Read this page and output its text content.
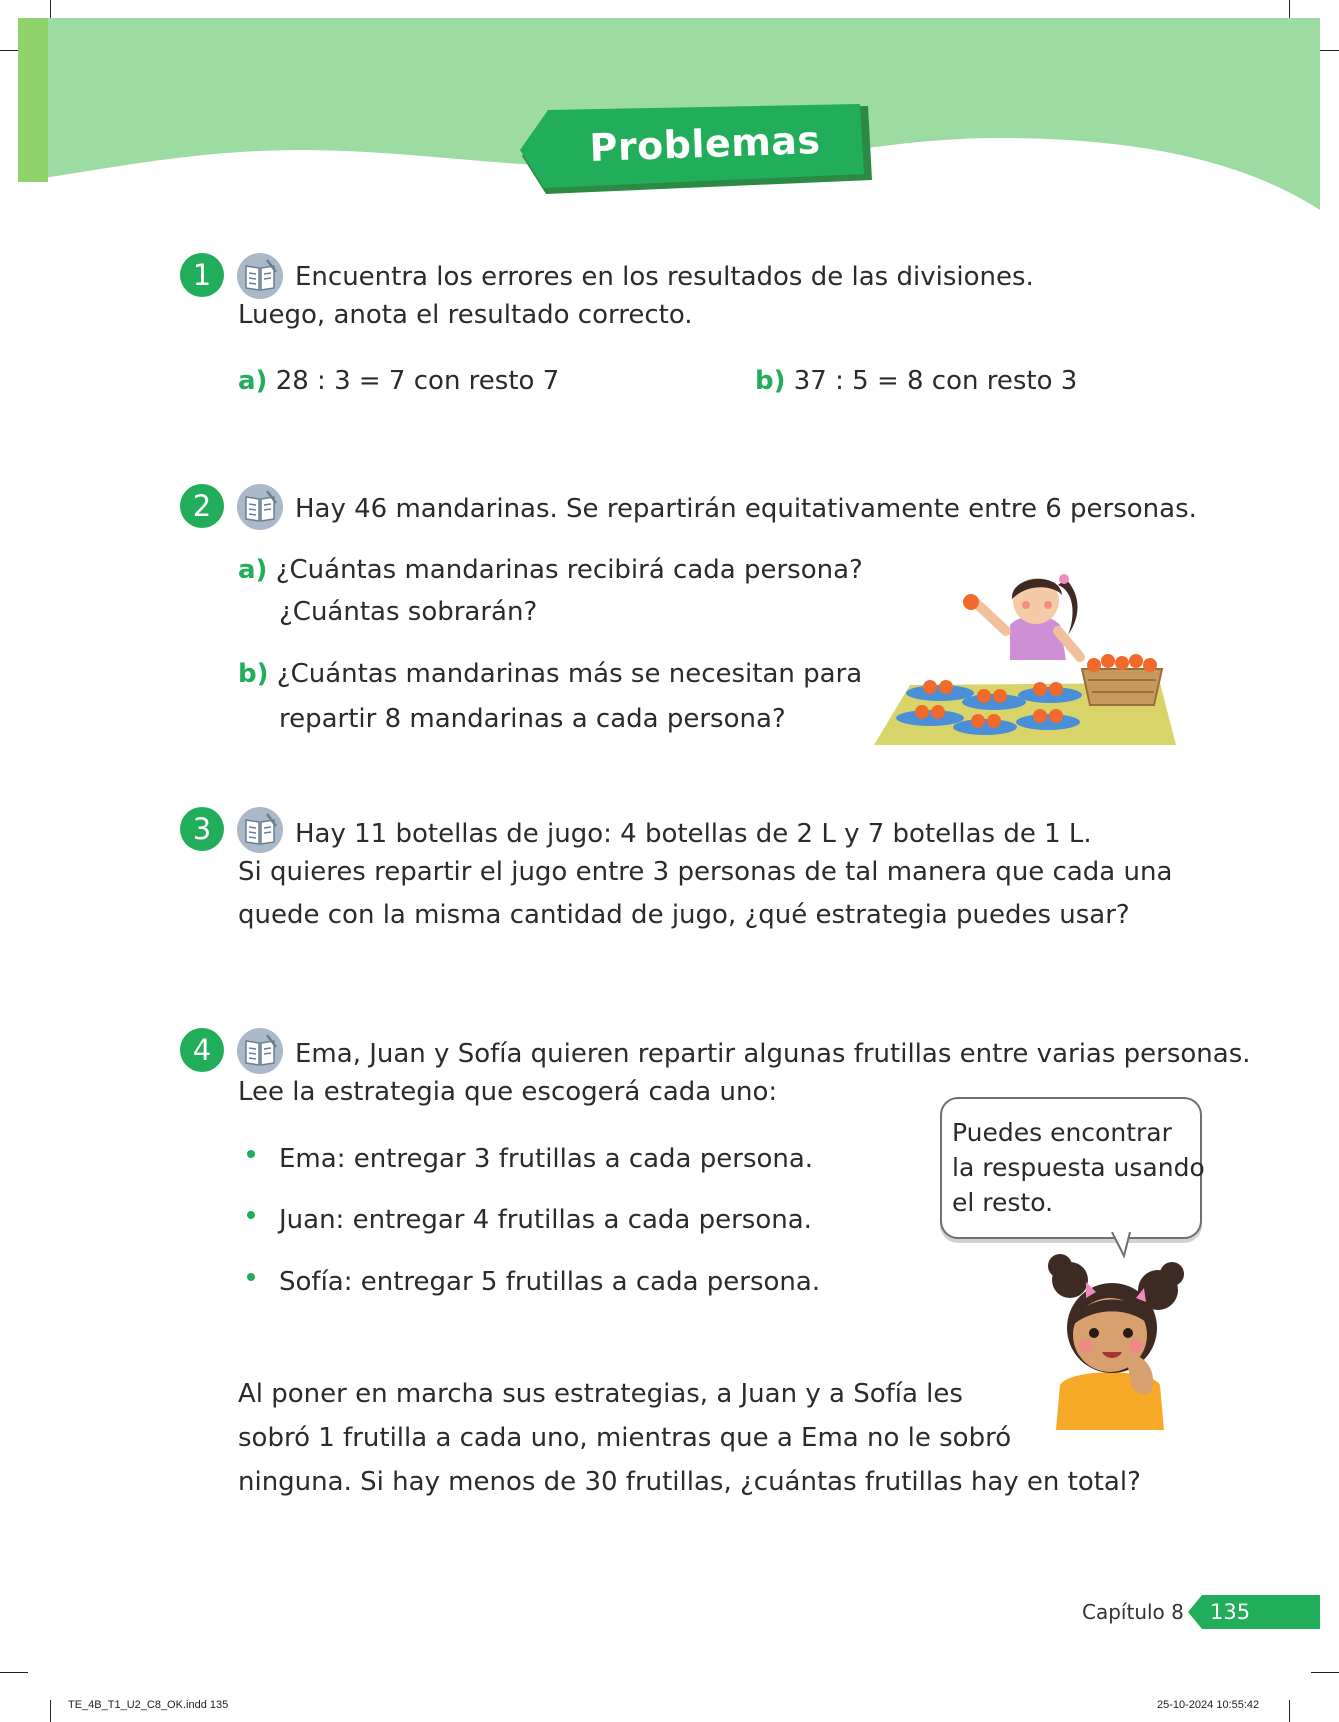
Problemas
1	Encuentra los errores en los resultados de las divisiones.
Luego, anota el resultado correcto.
a) 28 : 3 = 7 con resto 7	b) 37 : 5 = 8 con resto 3
2	Hay 46 mandarinas. Se repartirán equitativamente entre 6 personas.
a) ¿Cuántas mandarinas recibirá cada persona?
¿Cuántas sobrarán?
b) ¿Cuántas mandarinas más se necesitan para
repartir 8 mandarinas a cada persona?
3	Hay 11 botellas de jugo: 4 botellas de 2 L y 7 botellas de 1 L.
Si quieres repartir el jugo entre 3 personas de tal manera que cada una
quede con la misma cantidad de jugo, ¿qué estrategia puedes usar?
4	Ema, Juan y Sofía quieren repartir algunas frutillas entre varias personas.
Lee la estrategia que escogerá cada uno:
Ema: entregar 3 frutillas a cada persona.
Juan: entregar 4 frutillas a cada persona.
Sofía: entregar 5 frutillas a cada persona.
Puedes encontrar
la respuesta usando
el resto.
Al poner en marcha sus estrategias, a Juan y a Sofía les
sobró 1 frutilla a cada uno, mientras que a Ema no le sobró
ninguna. Si hay menos de 30 frutillas, ¿cuántas frutillas hay en total?
Capítulo 8 135
TE_4B_T1_U2_C8_OK.indd 135	25-10-2024 10:55:42
